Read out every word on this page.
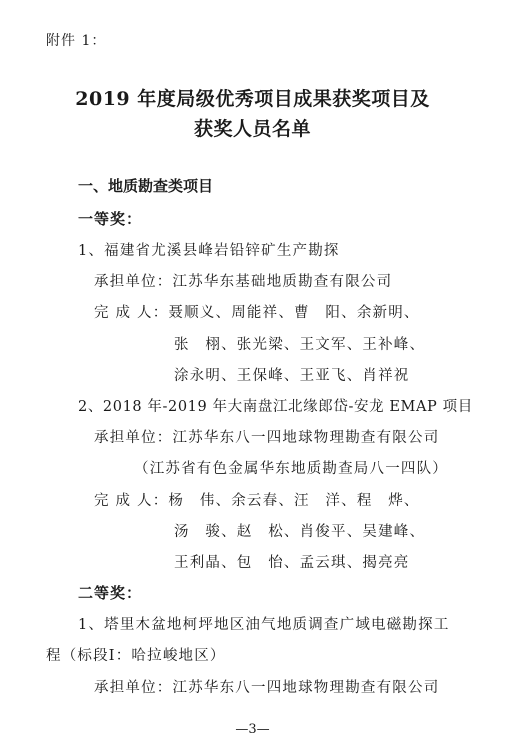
附件 1：
2019 年度局级优秀项目成果获奖项目及
获奖人员名单
一、地质勘查类项目
一等奖：
1、福建省尤溪县峰岩铅锌矿生产勘探
承担单位：江苏华东基础地质勘查有限公司
完 成 人：聂顺义、周能祥、曹　阳、余新明、
张　栩、张光梁、王文军、王补峰、
涂永明、王保峰、王亚飞、肖祥祝
2、2018 年-2019 年大南盘江北缘郎岱-安龙 EMAP 项目
承担单位：江苏华东八一四地球物理勘查有限公司
（江苏省有色金属华东地质勘查局八一四队）
完 成 人：杨　伟、余云春、汪　洋、程　烨、
汤　骏、赵　松、肖俊平、吴建峰、
王利晶、包　怡、孟云琪、揭亮亮
二等奖：
1、塔里木盆地柯坪地区油气地质调查广域电磁勘探工
程（标段Ⅰ：哈拉峻地区）
承担单位：江苏华东八一四地球物理勘查有限公司
—3—
